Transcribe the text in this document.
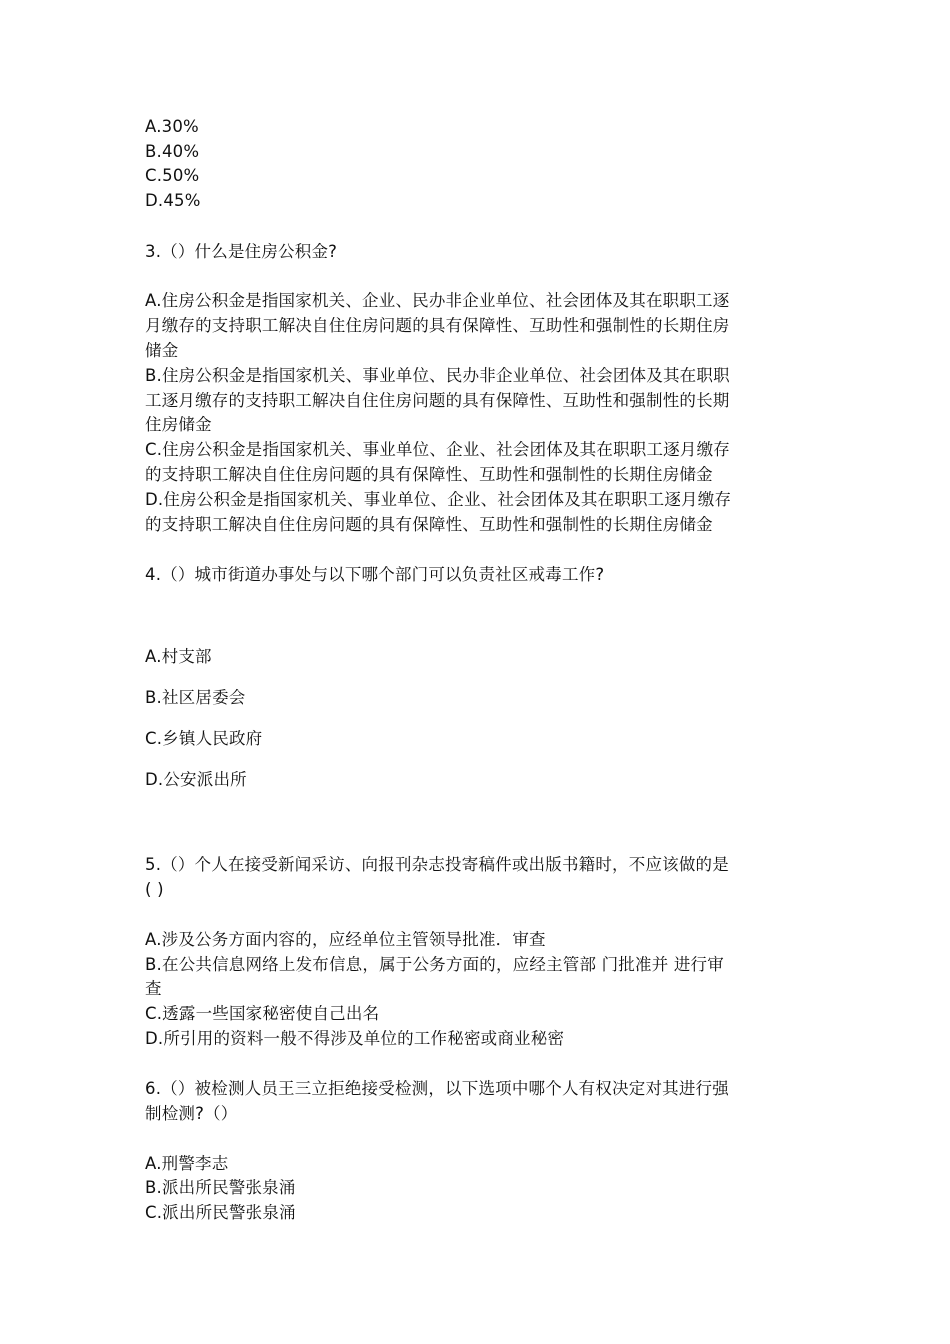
A.30%
B.40%
C.50%
D.45%
3.（）什么是住房公积金?
A.住房公积金是指国家机关、企业、民办非企业单位、社会团体及其在职职工逐
月缴存的支持职工解决自住住房问题的具有保障性、互助性和强制性的长期住房
储金
B.住房公积金是指国家机关、事业单位、民办非企业单位、社会团体及其在职职
工逐月缴存的支持职工解决自住住房问题的具有保障性、互助性和强制性的长期
住房储金
C.住房公积金是指国家机关、事业单位、企业、社会团体及其在职职工逐月缴存
的支持职工解决自住住房问题的具有保障性、互助性和强制性的长期住房储金
D.住房公积金是指国家机关、事业单位、企业、社会团体及其在职职工逐月缴存
的支持职工解决自住住房问题的具有保障性、互助性和强制性的长期住房储金
4.（）城市街道办事处与以下哪个部门可以负责社区戒毒工作?
A.村支部
B.社区居委会
C.乡镇人民政府
D.公安派出所
5.（）个人在接受新闻采访、向报刊杂志投寄稿件或出版书籍时，不应该做的是
( )
A.涉及公务方面内容的，应经单位主管领导批准．审查
B.在公共信息网络上发布信息，属于公务方面的，应经主管部 门批准并 进行审
查
C.透露一些国家秘密使自己出名
D.所引用的资料一般不得涉及单位的工作秘密或商业秘密
6.（）被检测人员王三立拒绝接受检测，以下选项中哪个人有权决定对其进行强
制检测?（）
A.刑警李志
B.派出所民警张泉涌
C.派出所民警张泉涌
